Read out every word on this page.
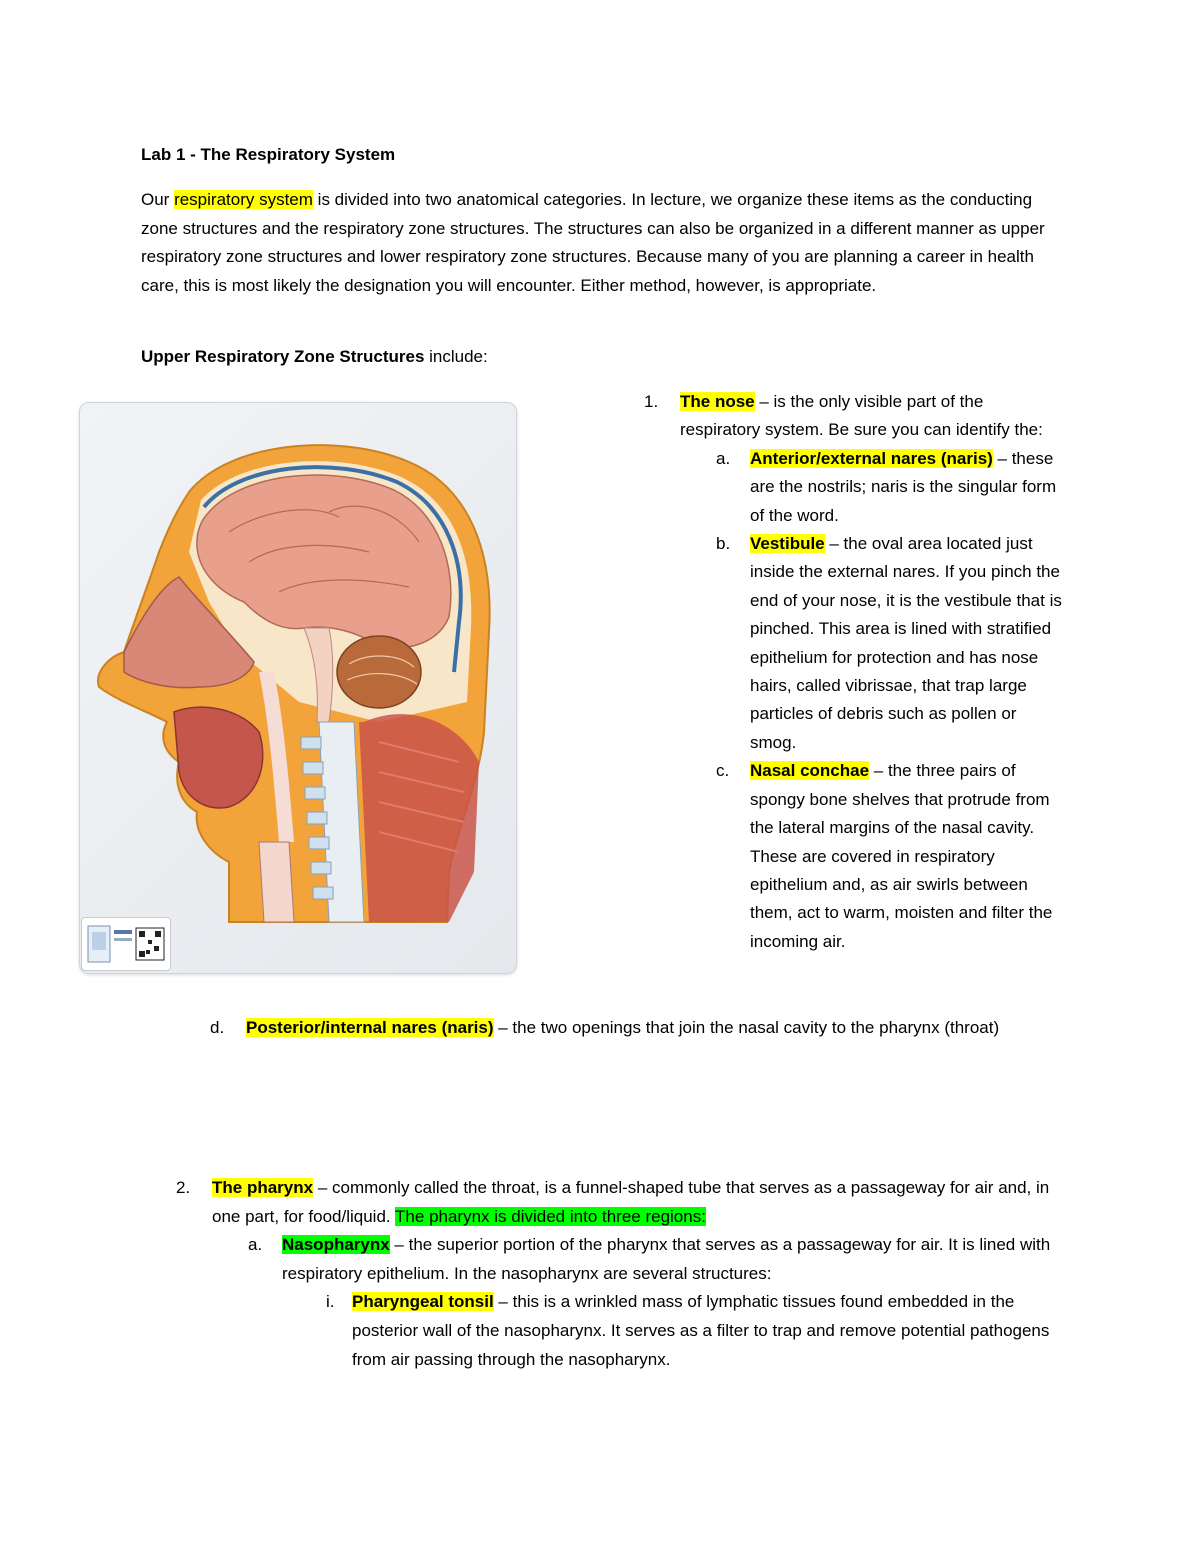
Lab 1 - The Respiratory System

Our respiratory system is divided into two anatomical categories. In lecture, we organize these items as the conducting zone structures and the respiratory zone structures. The structures can also be organized in a different manner as upper respiratory zone structures and lower respiratory zone structures. Because many of you are planning a career in health care, this is most likely the designation you will encounter. Either method, however, is appropriate.

Upper Respiratory Zone Structures include:
1. The nose – is the only visible part of the respiratory system. Be sure you can identify the:
a. Anterior/external nares (naris) – these are the nostrils; naris is the singular form of the word.
b. Vestibule – the oval area located just inside the external nares. If you pinch the end of your nose, it is the vestibule that is pinched. This area is lined with stratified epithelium for protection and has nose hairs, called vibrissae, that trap large particles of debris such as pollen or smog.
c. Nasal conchae – the three pairs of spongy bone shelves that protrude from the lateral margins of the nasal cavity. These are covered in respiratory epithelium and, as air swirls between them, act to warm, moisten and filter the incoming air.
d. Posterior/internal nares (naris) – the two openings that join the nasal cavity to the pharynx (throat)
2. The pharynx – commonly called the throat, is a funnel-shaped tube that serves as a passageway for air and, in one part, for food/liquid. The pharynx is divided into three regions:
a. Nasopharynx – the superior portion of the pharynx that serves as a passageway for air. It is lined with respiratory epithelium. In the nasopharynx are several structures:
i. Pharyngeal tonsil – this is a wrinkled mass of lymphatic tissues found embedded in the posterior wall of the nasopharynx. It serves as a filter to trap and remove potential pathogens from air passing through the nasopharynx.
